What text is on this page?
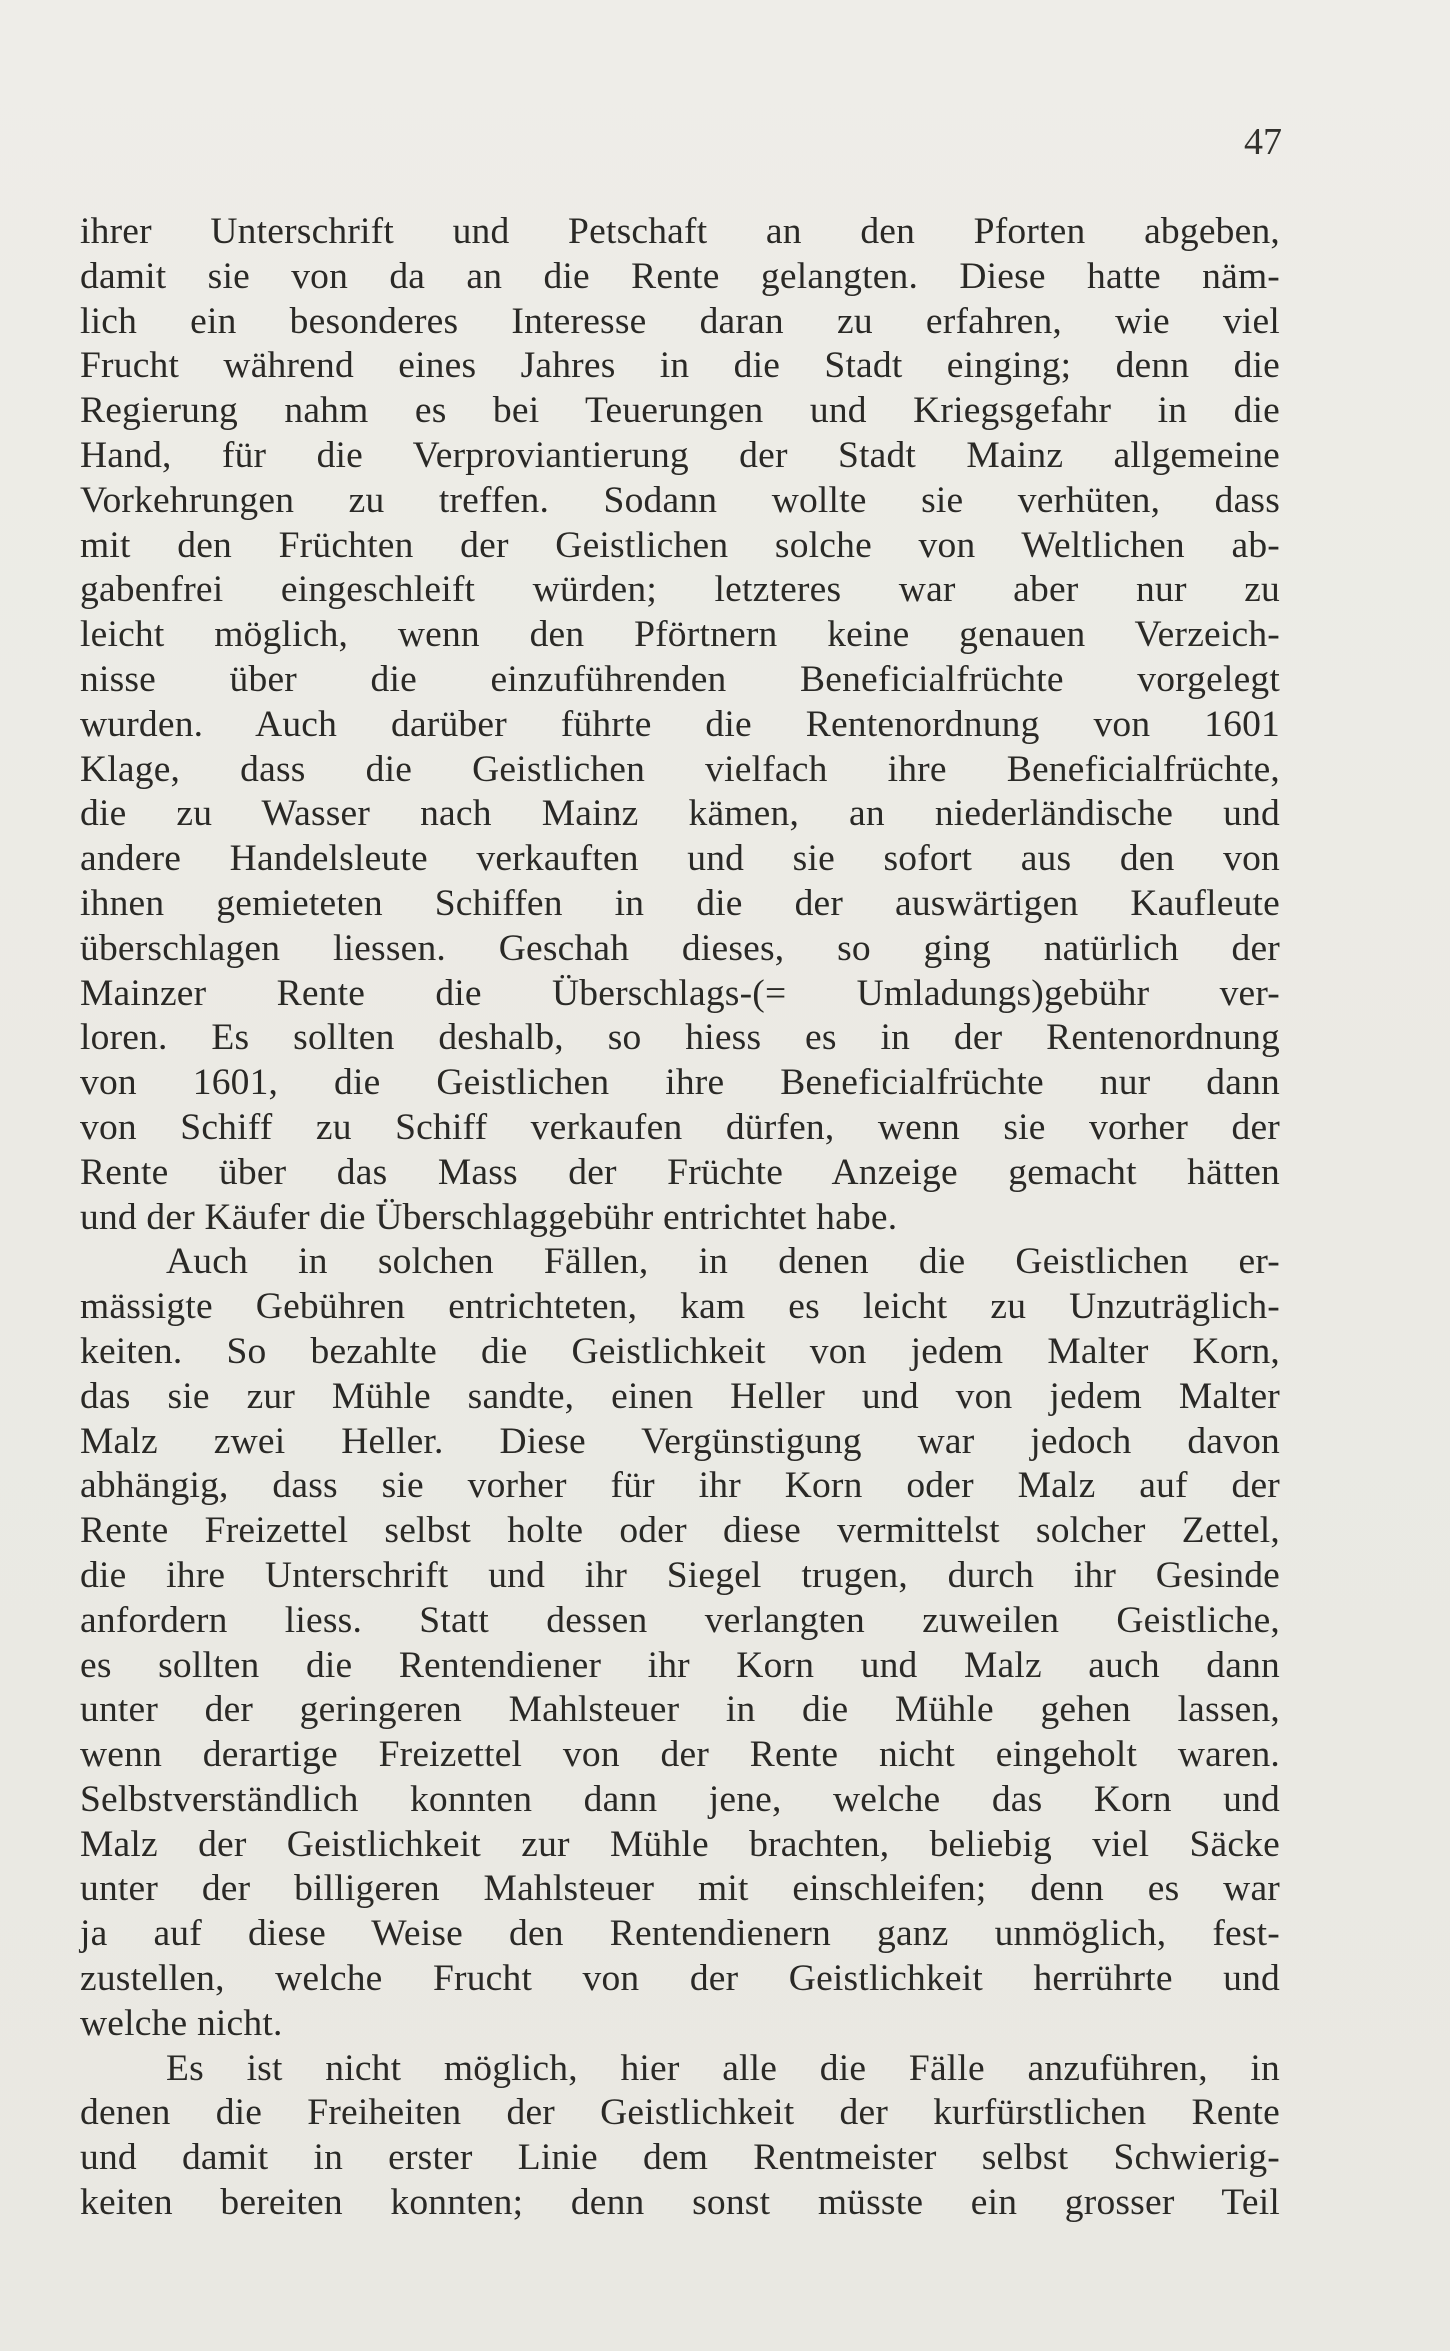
47
ihrer Unterschrift und Petschaft an den Pforten abgeben,
damit sie von da an die Rente gelangten. Diese hatte näm-
lich ein besonderes Interesse daran zu erfahren, wie viel
Frucht während eines Jahres in die Stadt einging; denn die
Regierung nahm es bei Teuerungen und Kriegsgefahr in die
Hand, für die Verproviantierung der Stadt Mainz allgemeine
Vorkehrungen zu treffen. Sodann wollte sie verhüten, dass
mit den Früchten der Geistlichen solche von Weltlichen ab-
gabenfrei eingeschleift würden; letzteres war aber nur zu
leicht möglich, wenn den Pförtnern keine genauen Verzeich-
nisse über die einzuführenden Beneficialfrüchte vorgelegt
wurden. Auch darüber führte die Rentenordnung von 1601
Klage, dass die Geistlichen vielfach ihre Beneficialfrüchte,
die zu Wasser nach Mainz kämen, an niederländische und
andere Handelsleute verkauften und sie sofort aus den von
ihnen gemieteten Schiffen in die der auswärtigen Kaufleute
überschlagen liessen. Geschah dieses, so ging natürlich der
Mainzer Rente die Überschlags-(= Umladungs)gebühr ver-
loren. Es sollten deshalb, so hiess es in der Rentenordnung
von 1601, die Geistlichen ihre Beneficialfrüchte nur dann
von Schiff zu Schiff verkaufen dürfen, wenn sie vorher der
Rente über das Mass der Früchte Anzeige gemacht hätten
und der Käufer die Überschlaggebühr entrichtet habe.
Auch in solchen Fällen, in denen die Geistlichen er-
mässigte Gebühren entrichteten, kam es leicht zu Unzuträglich-
keiten. So bezahlte die Geistlichkeit von jedem Malter Korn,
das sie zur Mühle sandte, einen Heller und von jedem Malter
Malz zwei Heller. Diese Vergünstigung war jedoch davon
abhängig, dass sie vorher für ihr Korn oder Malz auf der
Rente Freizettel selbst holte oder diese vermittelst solcher Zettel,
die ihre Unterschrift und ihr Siegel trugen, durch ihr Gesinde
anfordern liess. Statt dessen verlangten zuweilen Geistliche,
es sollten die Rentendiener ihr Korn und Malz auch dann
unter der geringeren Mahlsteuer in die Mühle gehen lassen,
wenn derartige Freizettel von der Rente nicht eingeholt waren.
Selbstverständlich konnten dann jene, welche das Korn und
Malz der Geistlichkeit zur Mühle brachten, beliebig viel Säcke
unter der billigeren Mahlsteuer mit einschleifen; denn es war
ja auf diese Weise den Rentendienern ganz unmöglich, fest-
zustellen, welche Frucht von der Geistlichkeit herrührte und
welche nicht.
Es ist nicht möglich, hier alle die Fälle anzuführen, in
denen die Freiheiten der Geistlichkeit der kurfürstlichen Rente
und damit in erster Linie dem Rentmeister selbst Schwierig-
keiten bereiten konnten; denn sonst müsste ein grosser Teil
